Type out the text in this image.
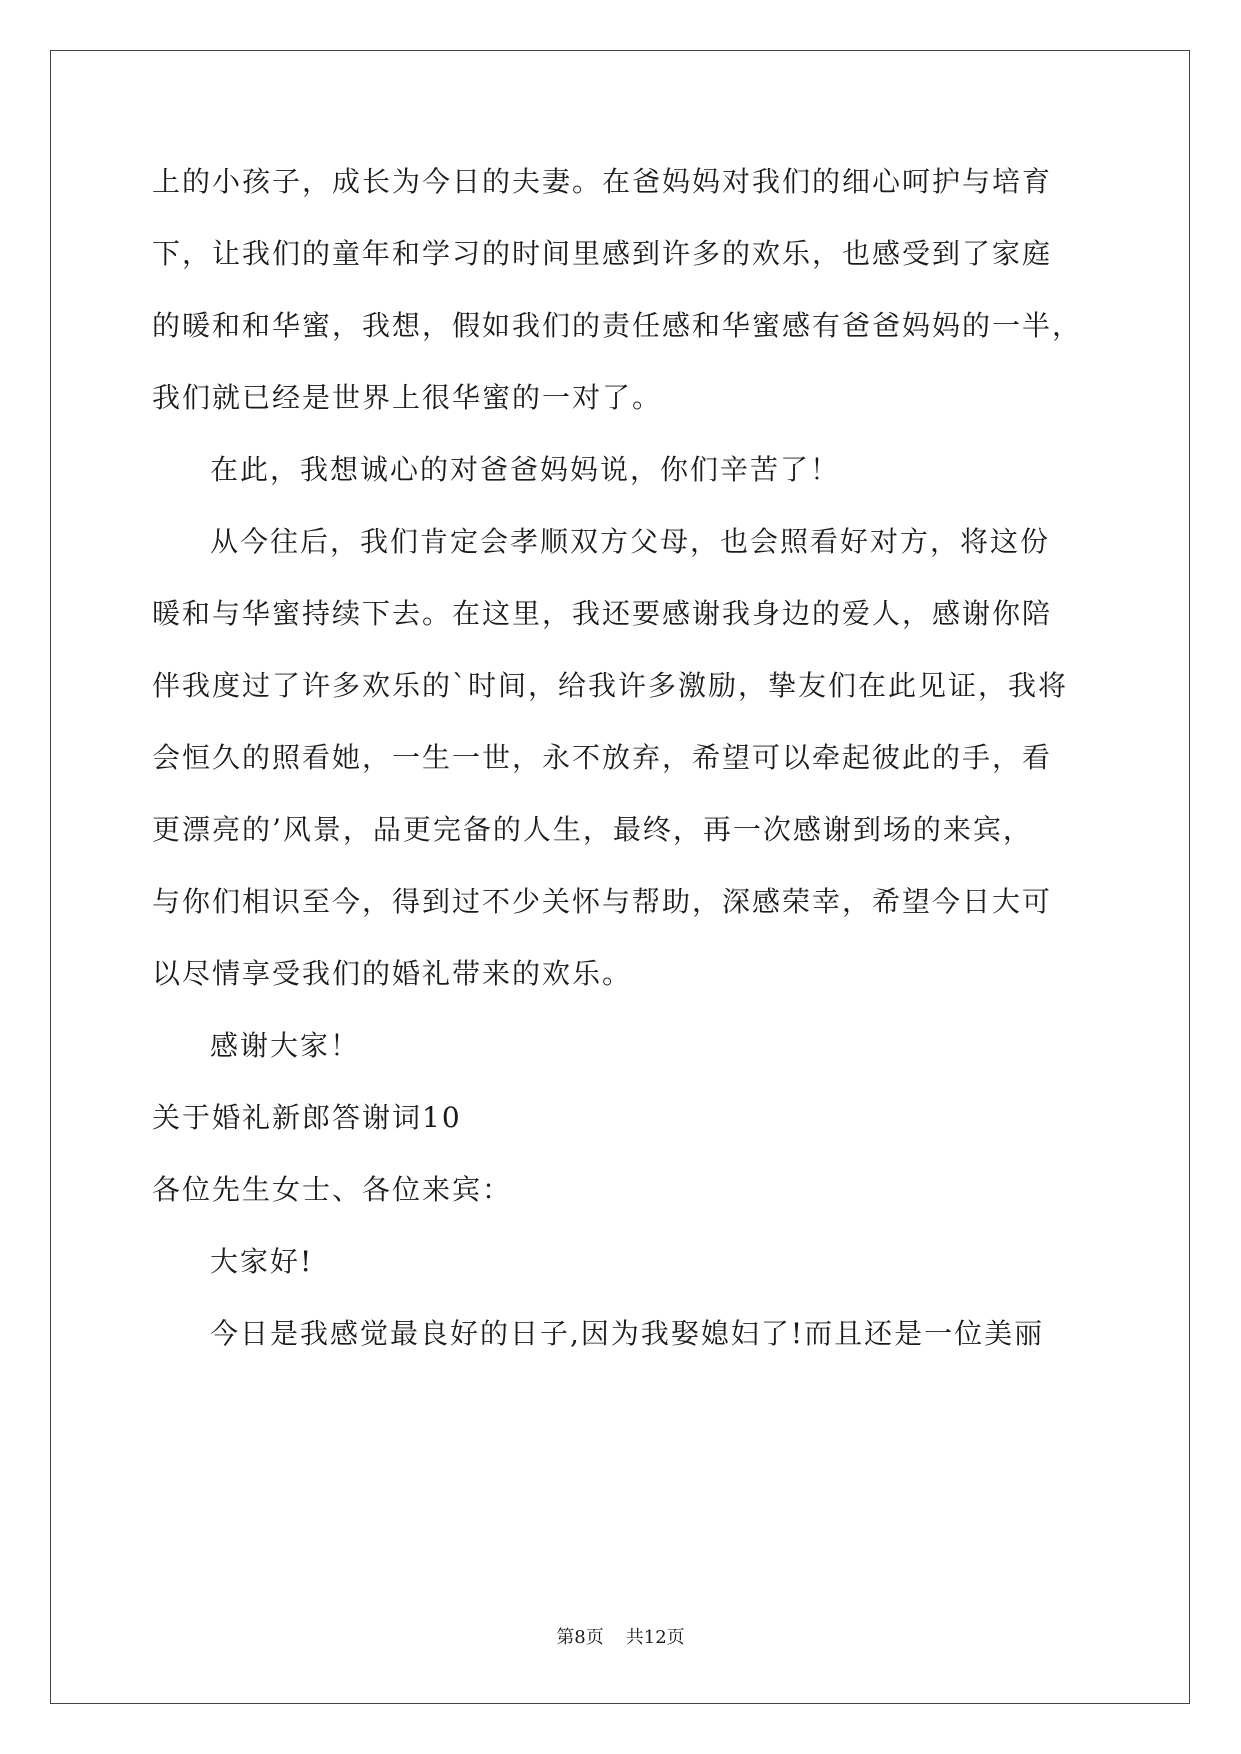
上的小孩子，成长为今日的夫妻。在爸妈妈对我们的细心呵护与培育
下，让我们的童年和学习的时间里感到许多的欢乐，也感受到了家庭
的暖和和华蜜，我想，假如我们的责任感和华蜜感有爸爸妈妈的一半，
我们就已经是世界上很华蜜的一对了。
在此，我想诚心的对爸爸妈妈说，你们辛苦了！
从今往后，我们肯定会孝顺双方父母，也会照看好对方，将这份
暖和与华蜜持续下去。在这里，我还要感谢我身边的爱人，感谢你陪
伴我度过了许多欢乐的`时间，给我许多激励，挚友们在此见证，我将
会恒久的照看她，一生一世，永不放弃，希望可以牵起彼此的手，看
更漂亮的’风景，品更完备的人生，最终，再一次感谢到场的来宾，
与你们相识至今，得到过不少关怀与帮助，深感荣幸，希望今日大可
以尽情享受我们的婚礼带来的欢乐。
感谢大家！
关于婚礼新郎答谢词10
各位先生女士、各位来宾：
大家好!
今日是我感觉最良好的日子,因为我娶媳妇了!而且还是一位美丽
第8页 共12页
